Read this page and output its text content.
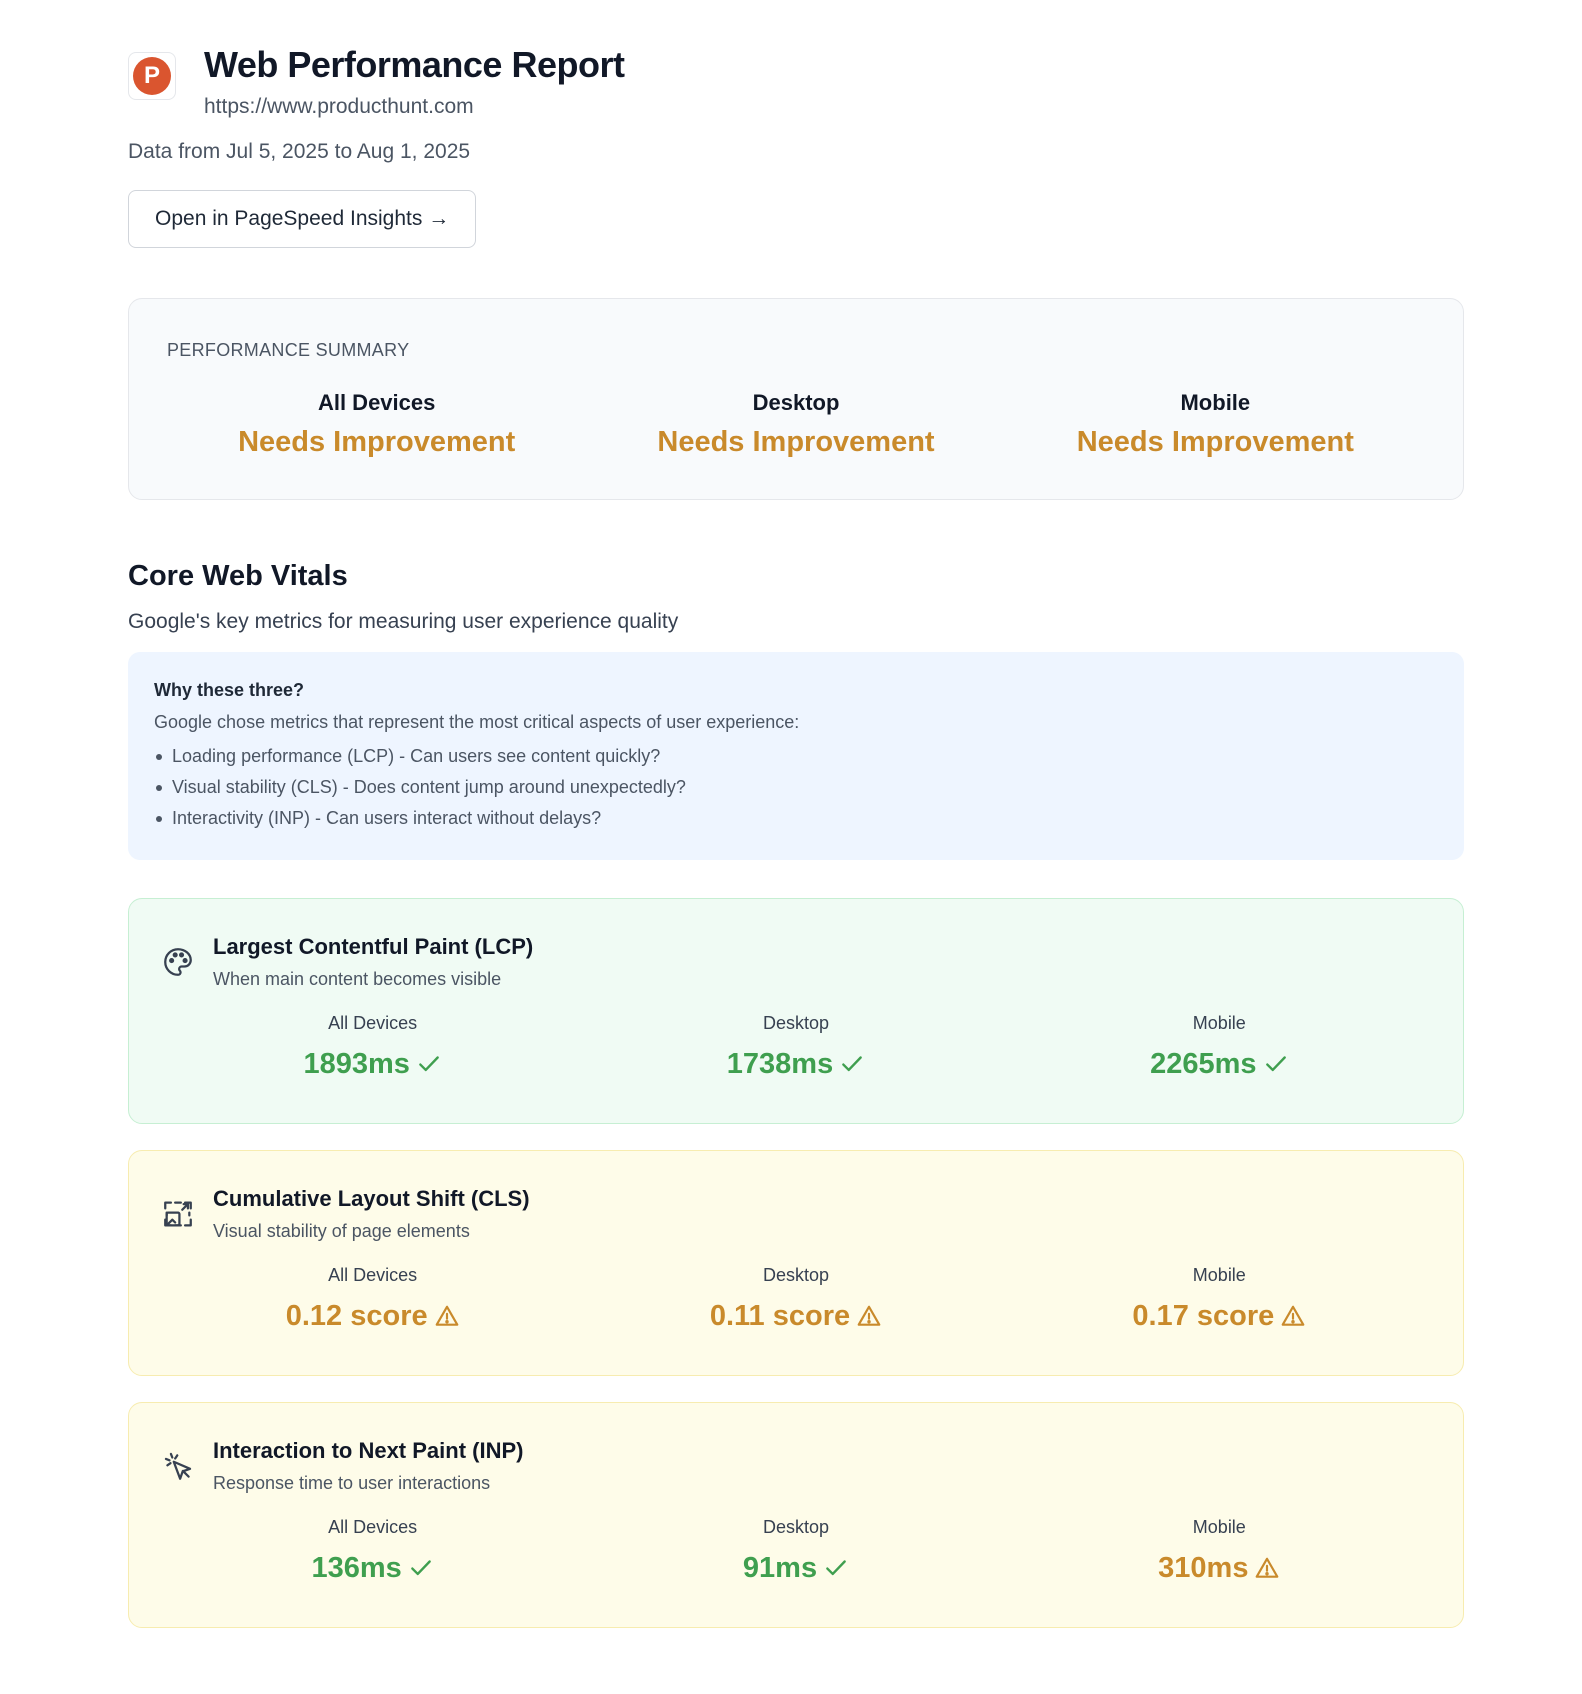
P	Web Performance Report
https://www.producthunt.com
Data from Jul 5, 2025 to Aug 1, 2025
Open in PageSpeed Insights →
PERFORMANCE SUMMARY
All Devices
Needs Improvement
Desktop
Needs Improvement
Mobile
Needs Improvement
Core Web Vitals
Google's key metrics for measuring user experience quality
Why these three?
Google chose metrics that represent the most critical aspects of user experience:
Loading performance (LCP) - Can users see content quickly?
Visual stability (CLS) - Does content jump around unexpectedly?
Interactivity (INP) - Can users interact without delays?
Largest Contentful Paint (LCP)
When main content becomes visible
All Devices
1893ms
Desktop
1738ms
Mobile
2265ms
Cumulative Layout Shift (CLS)
Visual stability of page elements
All Devices
0.12 score
Desktop
0.11 score
Mobile
0.17 score
Interaction to Next Paint (INP)
Response time to user interactions
All Devices
136ms
Desktop
91ms
Mobile
310ms
